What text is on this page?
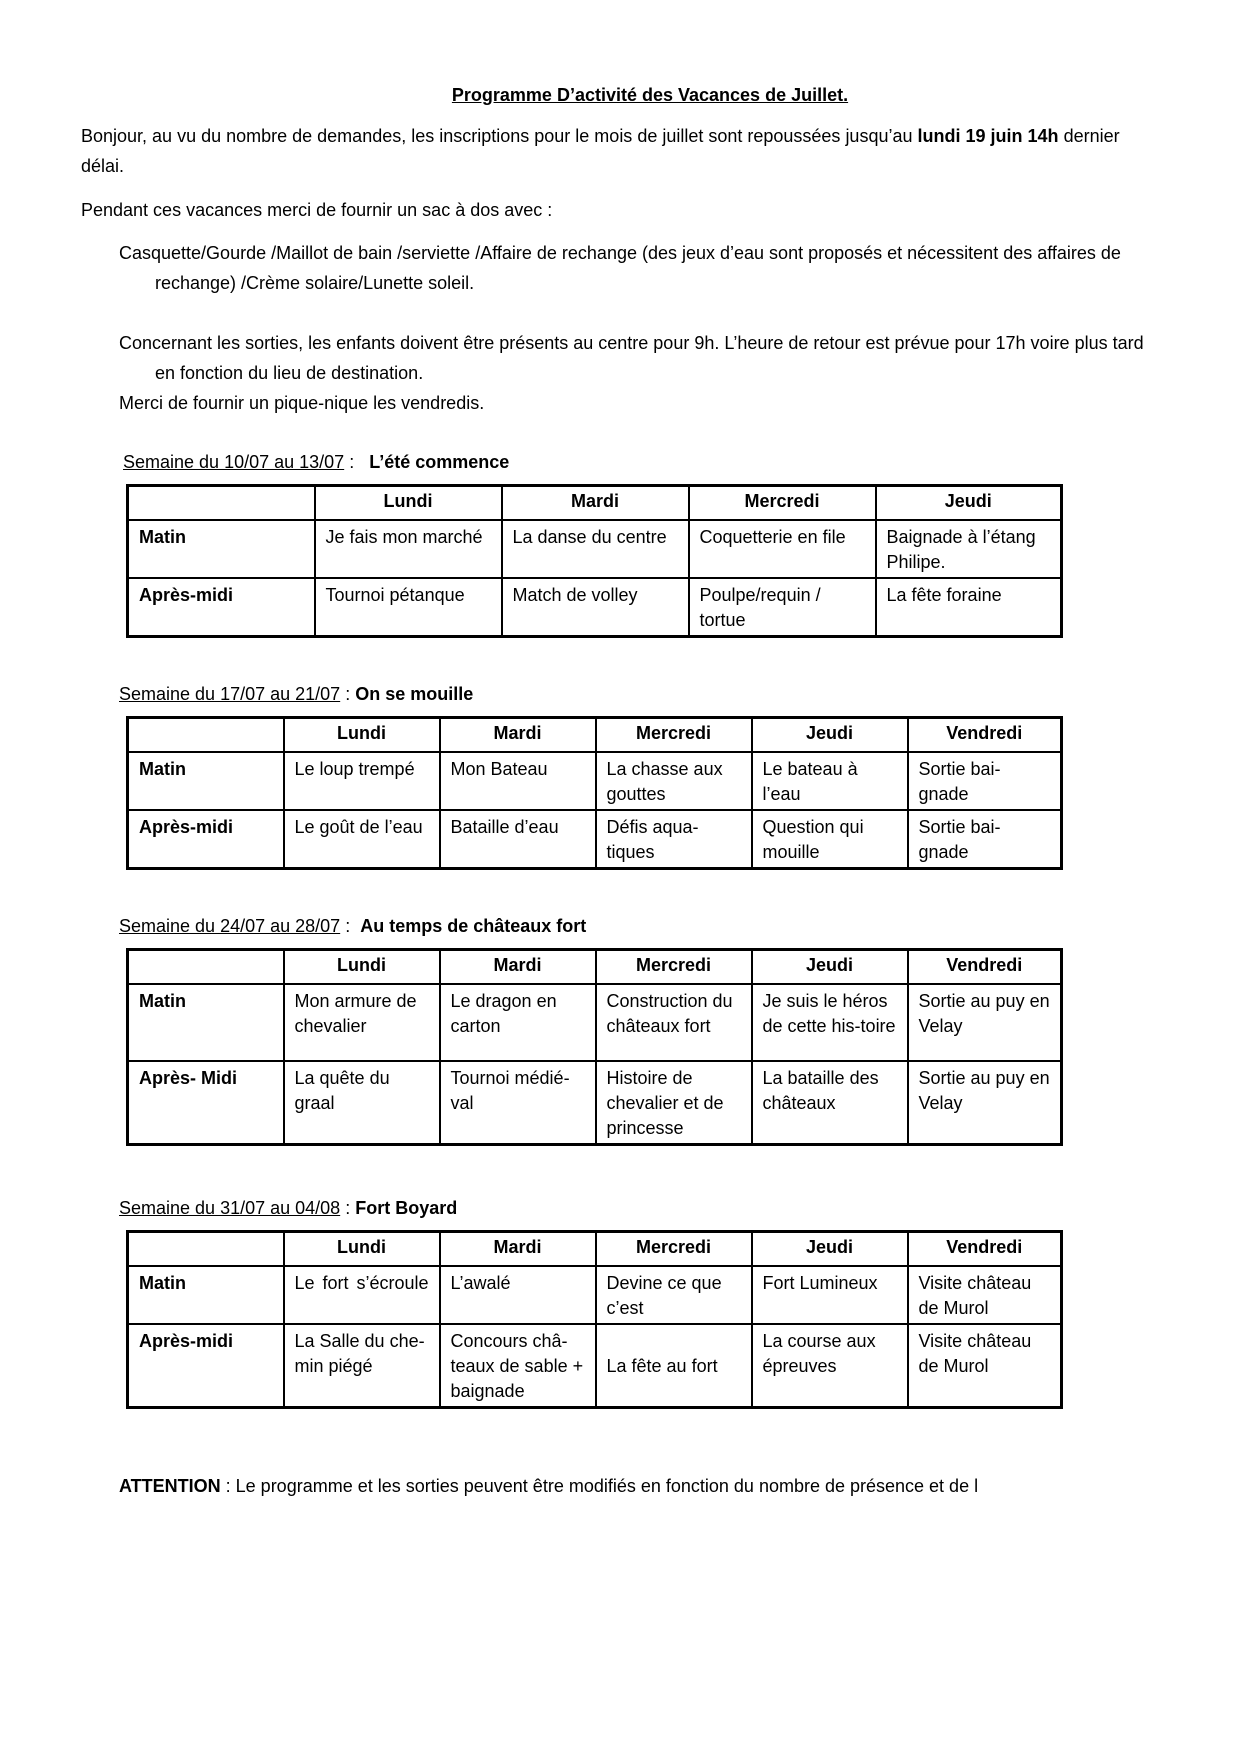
Programme D’activité des Vacances de Juillet.
Bonjour, au vu du nombre de demandes, les inscriptions pour le mois de juillet sont repoussées jusqu’au lundi 19 juin 14h dernier
délai.
Pendant ces vacances merci de fournir un sac à dos avec :
Casquette/Gourde /Maillot de bain /serviette /Affaire de rechange (des jeux d’eau sont proposés et nécessitent des affaires de
rechange) /Crème solaire/Lunette soleil.
Concernant les sorties, les enfants doivent être présents au centre pour 9h. L’heure de retour est prévue pour 17h voire plus tard
en fonction du lieu de destination.
Merci de fournir un pique-nique les vendredis.
Semaine du 10/07 au 13/07 :   L’été commence
	Lundi	Mardi	Mercredi	Jeudi
Matin	Je fais mon marché	La danse du centre	Coquetterie en file	Baignade à l’étang Philipe.
Après-midi	Tournoi pétanque	Match de volley	Poulpe/requin / tortue	La fête foraine
Semaine du 17/07 au 21/07 : On se mouille
	Lundi	Mardi	Mercredi	Jeudi	Vendredi
Matin	Le loup trempé	Mon Bateau	La chasse aux gouttes	Le bateau à l’eau	Sortie bai-gnade
Après-midi	Le goût de l’eau	Bataille d’eau	Défis aqua-tiques	Question qui mouille	Sortie bai-gnade
Semaine du 24/07 au 28/07 :  Au temps de châteaux fort
	Lundi	Mardi	Mercredi	Jeudi	Vendredi
Matin	Mon armure de chevalier	Le dragon en carton	Construction du châteaux fort	Je suis le héros de cette his-toire	Sortie au puy en Velay
Après- Midi	La quête du graal	Tournoi médié-val	Histoire de chevalier et de princesse	La bataille des châteaux	Sortie au puy en Velay
Semaine du 31/07 au 04/08 : Fort Boyard
	Lundi	Mardi	Mercredi	Jeudi	Vendredi
Matin	Le fort s’écroule	L’awalé	Devine ce que c’est	Fort Lumineux	Visite château de Murol
Après-midi	La Salle du che-min piégé	Concours châ-teaux de sable + baignade	La fête au fort	La course aux épreuves	Visite château de Murol
ATTENTION : Le programme et les sorties peuvent être modifiés en fonction du nombre de présence et de l
